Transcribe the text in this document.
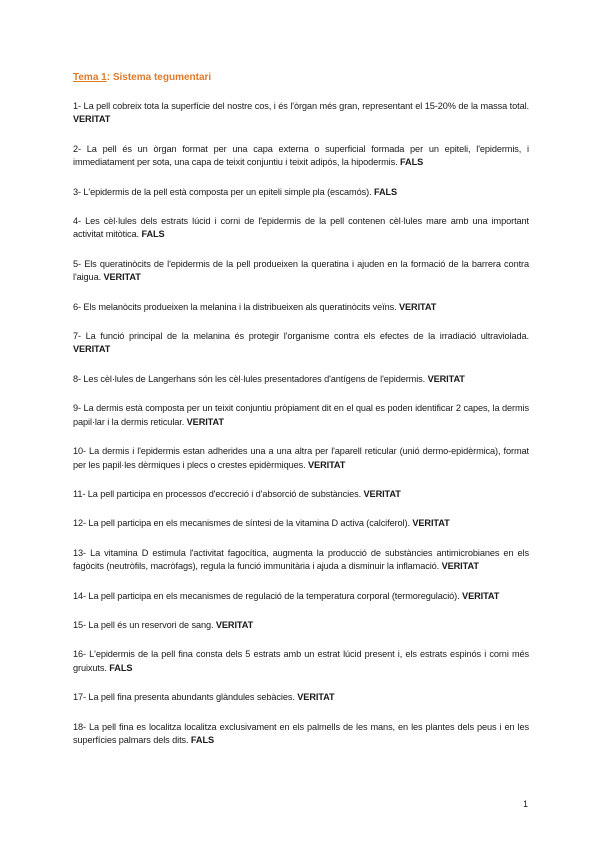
Tema 1: Sistema tegumentari

1- La pell cobreix tota la superfície del nostre cos, i és l'òrgan més gran, representant el 15-20% de la massa total. VERITAT

2- La pell és un òrgan format per una capa externa o superficial formada per un epiteli, l'epidermis, i immediatament per sota, una capa de teixit conjuntiu i teixit adipós, la hipodermis. FALS

3- L'epidermis de la pell està composta per un epiteli simple pla (escamós). FALS

4- Les cèl·lules dels estrats lúcid i corni de l'epidermis de la pell contenen cèl·lules mare amb una important activitat mitòtica. FALS

5- Els queratinòcits de l'epidermis de la pell produeixen la queratina i ajuden en la formació de la barrera contra l'aigua. VERITAT

6- Els melanòcits produeixen la melanina i la distribueixen als queratinòcits veïns. VERITAT

7- La funció principal de la melanina és protegir l'organisme contra els efectes de la irradiació ultraviolada. VERITAT

8- Les cèl·lules de Langerhans són les cèl·lules presentadores d'antígens de l'epidermis. VERITAT

9- La dermis està composta per un teixit conjuntiu pròpiament dit en el qual es poden identificar 2 capes, la dermis papil·lar i la dermis reticular. VERITAT

10- La dermis i l'epidermis estan adherides una a una altra per l'aparell reticular (unió dermo-epidèrmica), format per les papil·les dèrmiques i plecs o crestes epidèrmiques. VERITAT

11- La pell participa en processos d'eccreció i d'absorció de substàncies. VERITAT

12- La pell participa en els mecanismes de síntesi de la vitamina D activa (calciferol). VERITAT

13- La vitamina D estimula l'activitat fagocítica, augmenta la producció de substàncies antimicrobianes en els fagòcits (neutròfils, macròfags), regula la funció immunitària i ajuda a disminuir la inflamació. VERITAT

14- La pell participa en els mecanismes de regulació de la temperatura corporal (termoregulació). VERITAT

15- La pell és un reservori de sang. VERITAT

16- L'epidermis de la pell fina consta dels 5 estrats amb un estrat lúcid present i, els estrats espinós i corni més gruixuts. FALS

17- La pell fina presenta abundants glàndules sebàcies. VERITAT

18- La pell fina es localitza localitza exclusivament en els palmells de les mans, en les plantes dels peus i en les superfícies palmars dels dits. FALS

1
